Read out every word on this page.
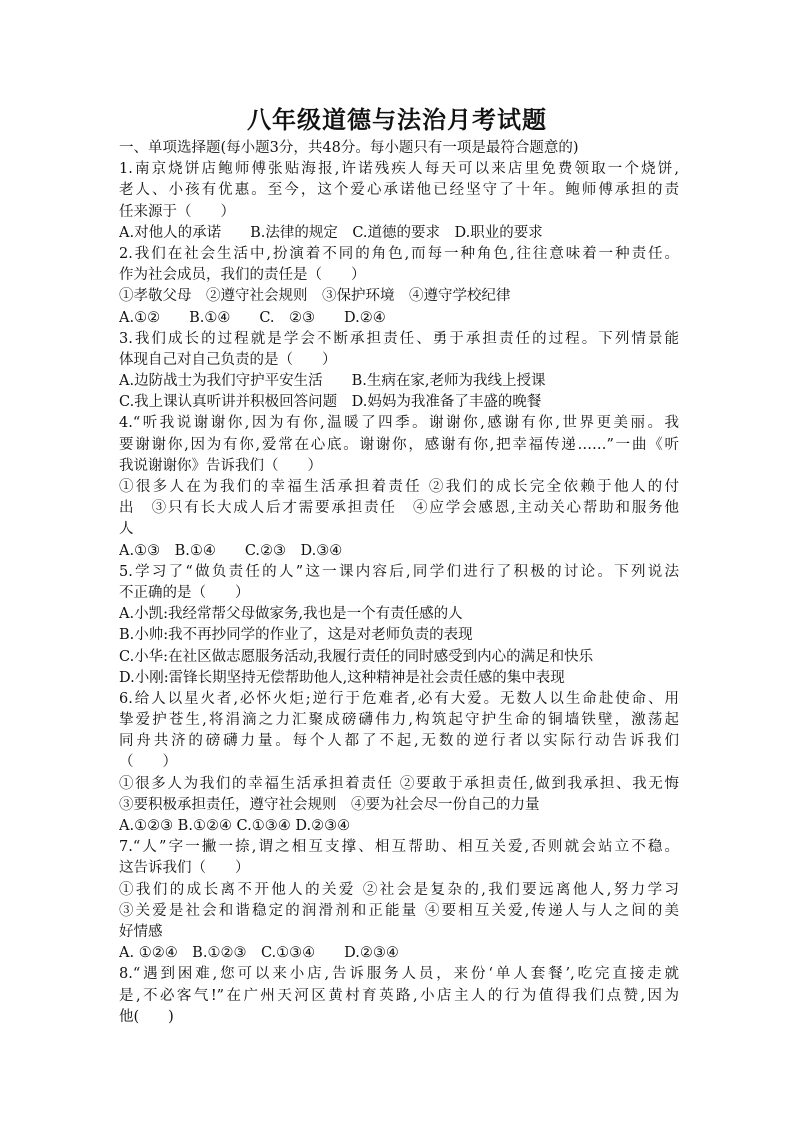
八年级道德与法治月考试题
一、单项选择题(每小题3分，共48分。每小题只有一项是最符合题意的)
1.南京烧饼店鲍师傅张贴海报,许诺残疾人每天可以来店里免费领取一个烧饼,
老人、小孩有优惠。至今，这个爱心承诺他已经坚守了十年。鲍师傅承担的责
任来源于（　　）
A.对他人的承诺　　B.法律的规定　C.道德的要求　D.职业的要求
2.我们在社会生活中,扮演着不同的角色,而每一种角色,往往意味着一种责任。
作为社会成员，我们的责任是（　　）
①孝敬父母　②遵守社会规则　③保护环境　④遵守学校纪律
A.①②　　B.①④　　C.　②③　　D.②④
3.我们成长的过程就是学会不断承担责任、勇于承担责任的过程。下列情景能
体现自己对自己负责的是（　　）
A.边防战士为我们守护平安生活　　B.生病在家,老师为我线上授课
C.我上课认真听讲并积极回答问题　D.妈妈为我准备了丰盛的晚餐
4.“听我说谢谢你,因为有你,温暖了四季。谢谢你,感谢有你,世界更美丽。我
要谢谢你,因为有你,爱常在心底。谢谢你，感谢有你,把幸福传递……”一曲《听
我说谢谢你》告诉我们（　　）
①很多人在为我们的幸福生活承担着责任 ②我们的成长完全依赖于他人的付
出　③只有长大成人后才需要承担责任　④应学会感恩,主动关心帮助和服务他
人
A.①③　B.①④　　C.②③　D.③④
5.学习了“做负责任的人”这一课内容后,同学们进行了积极的讨论。下列说法
不正确的是（　　）
A.小凯:我经常帮父母做家务,我也是一个有责任感的人
B.小帅:我不再抄同学的作业了，这是对老师负责的表现
C.小华:在社区做志愿服务活动,我履行责任的同时感受到内心的满足和快乐
D.小刚:雷锋长期坚持无偿帮助他人,这种精神是社会责任感的集中表现
6.给人以星火者,必怀火炬;逆行于危难者,必有大爱。无数人以生命赴使命、用
挚爱护苍生,将涓滴之力汇聚成磅礴伟力,构筑起守护生命的铜墙铁壁，激荡起
同舟共济的磅礴力量。每个人都了不起,无数的逆行者以实际行动告诉我们
（　　）
①很多人为我们的幸福生活承担着责任 ②要敢于承担责任,做到我承担、我无悔
③要积极承担责任，遵守社会规则　④要为社会尽一份自己的力量
A.①②③ B.①②④ C.①③④ D.②③④
7.“人”字一撇一捺,谓之相互支撑、相互帮助、相互关爱,否则就会站立不稳。
这告诉我们（　　）
①我们的成长离不开他人的关爱 ②社会是复杂的,我们要远离他人,努力学习
③关爱是社会和谐稳定的润滑剂和正能量 ④要相互关爱,传递人与人之间的美
好情感
A. ①②④　B.①②③　C.①③④　　D.②③④
8.“遇到困难,您可以来小店,告诉服务人员，来份‘单人套餐’,吃完直接走就
是,不必客气!”在广州天河区黄村育英路,小店主人的行为值得我们点赞,因为
他(　　)
